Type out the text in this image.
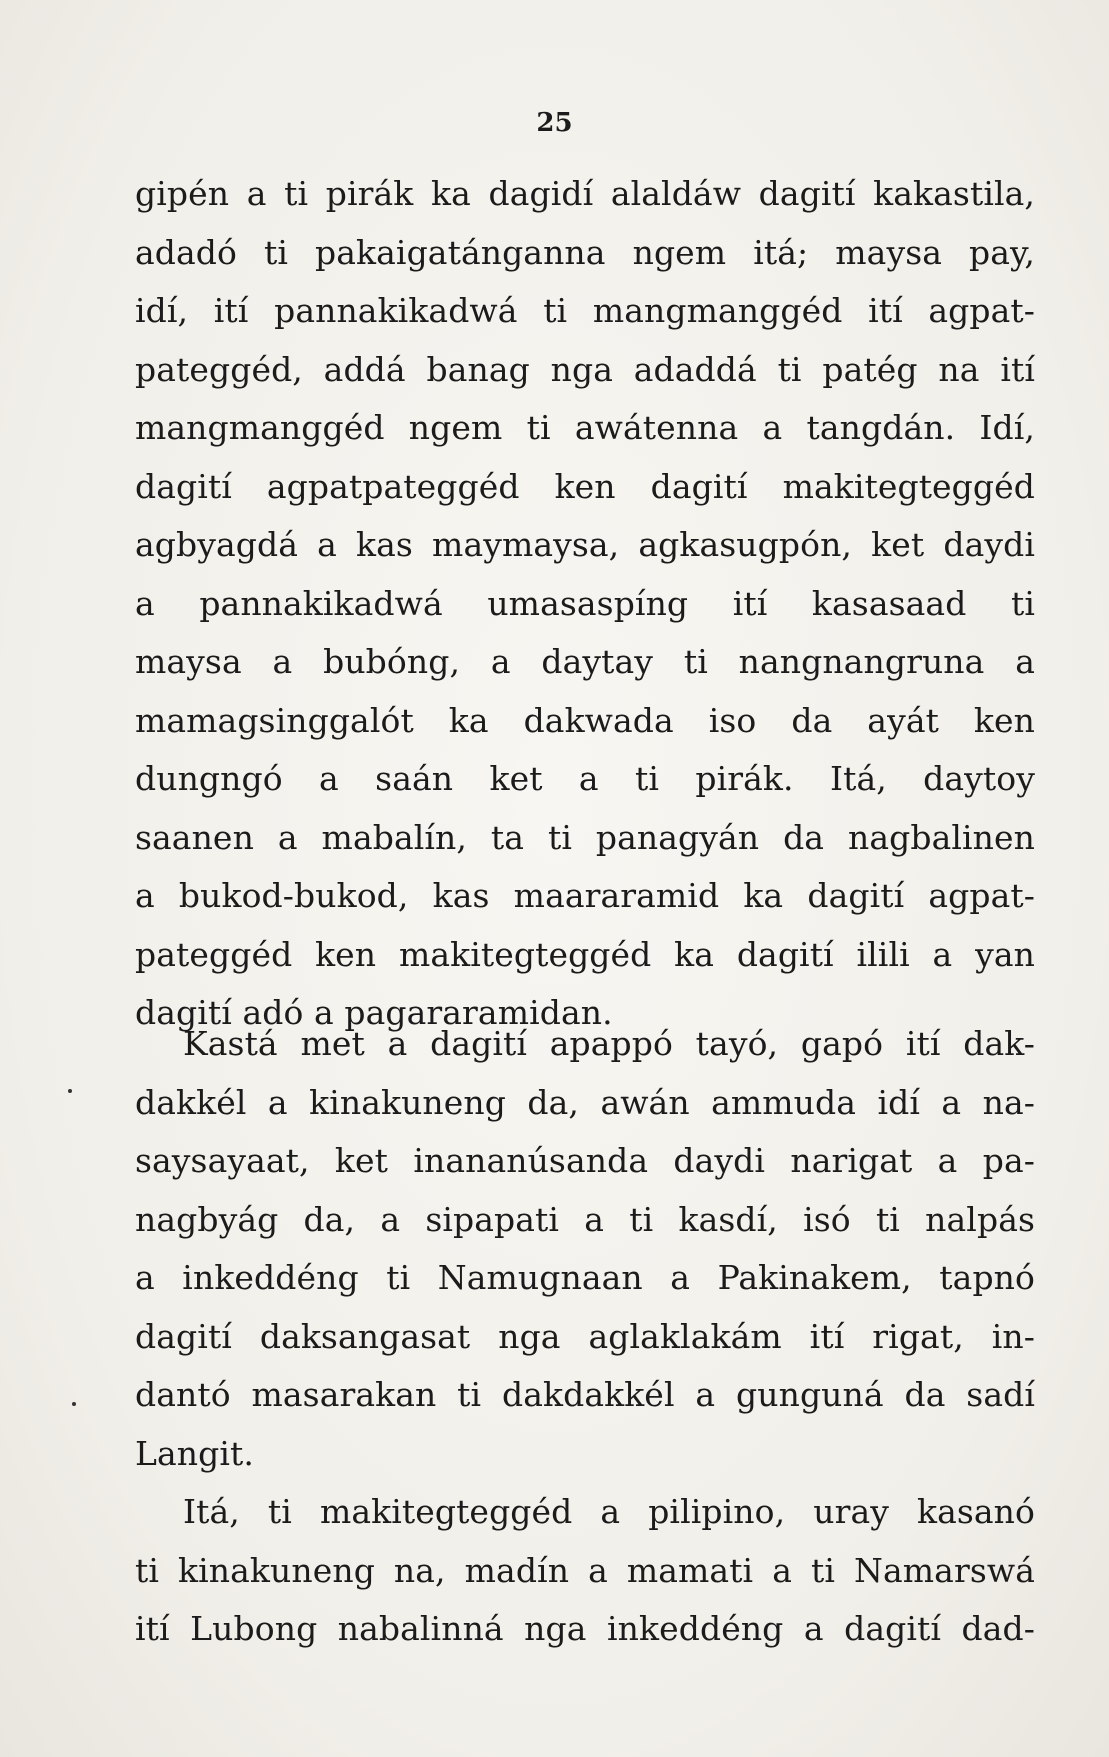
25
gipén a ti pirák ka dagidí alaldáw dagití kakastila,
adadó ti pakaigatánganna ngem itá; maysa pay,
idí, ití pannakikadwá ti mangmanggéd ití agpat-
pateggéd, addá banag nga adaddá ti patég na ití
mangmanggéd ngem ti awátenna a tangdán. Idí,
dagití agpatpateggéd ken dagití makitegteggéd
agbyagdá a kas maymaysa, agkasugpón, ket daydi
a pannakikadwá umasaspíng ití kasasaad ti
maysa a bubóng, a daytay ti nangnangruna a
mamagsinggalót ka dakwada iso da ayát ken
dungngó a saán ket a ti pirák. Itá, daytoy
saanen a mabalín, ta ti panagyán da nagbalinen
a bukod-bukod, kas maararamid ka dagití agpat-
pateggéd ken makitegteggéd ka dagití ilili a yan
dagití adó a pagararamidan.
Kastá met a dagití apappó tayó, gapó ití dak-
dakkél a kinakuneng da, awán ammuda idí a na-
saysayaat, ket inananúsanda daydi narigat a pa-
nagbyág da, a sipapati a ti kasdí, isó ti nalpás
a inkeddéng ti Namugnaan a Pakinakem, tapnó
dagití daksangasat nga aglaklakám ití rigat, in-
dantó masarakan ti dakdakkél a gunguná da sadí
Langit.
Itá, ti makitegteggéd a pilipino, uray kasanó
ti kinakuneng na, madín a mamati a ti Namarswá
ití Lubong nabalinná nga inkeddéng a dagití dad-
